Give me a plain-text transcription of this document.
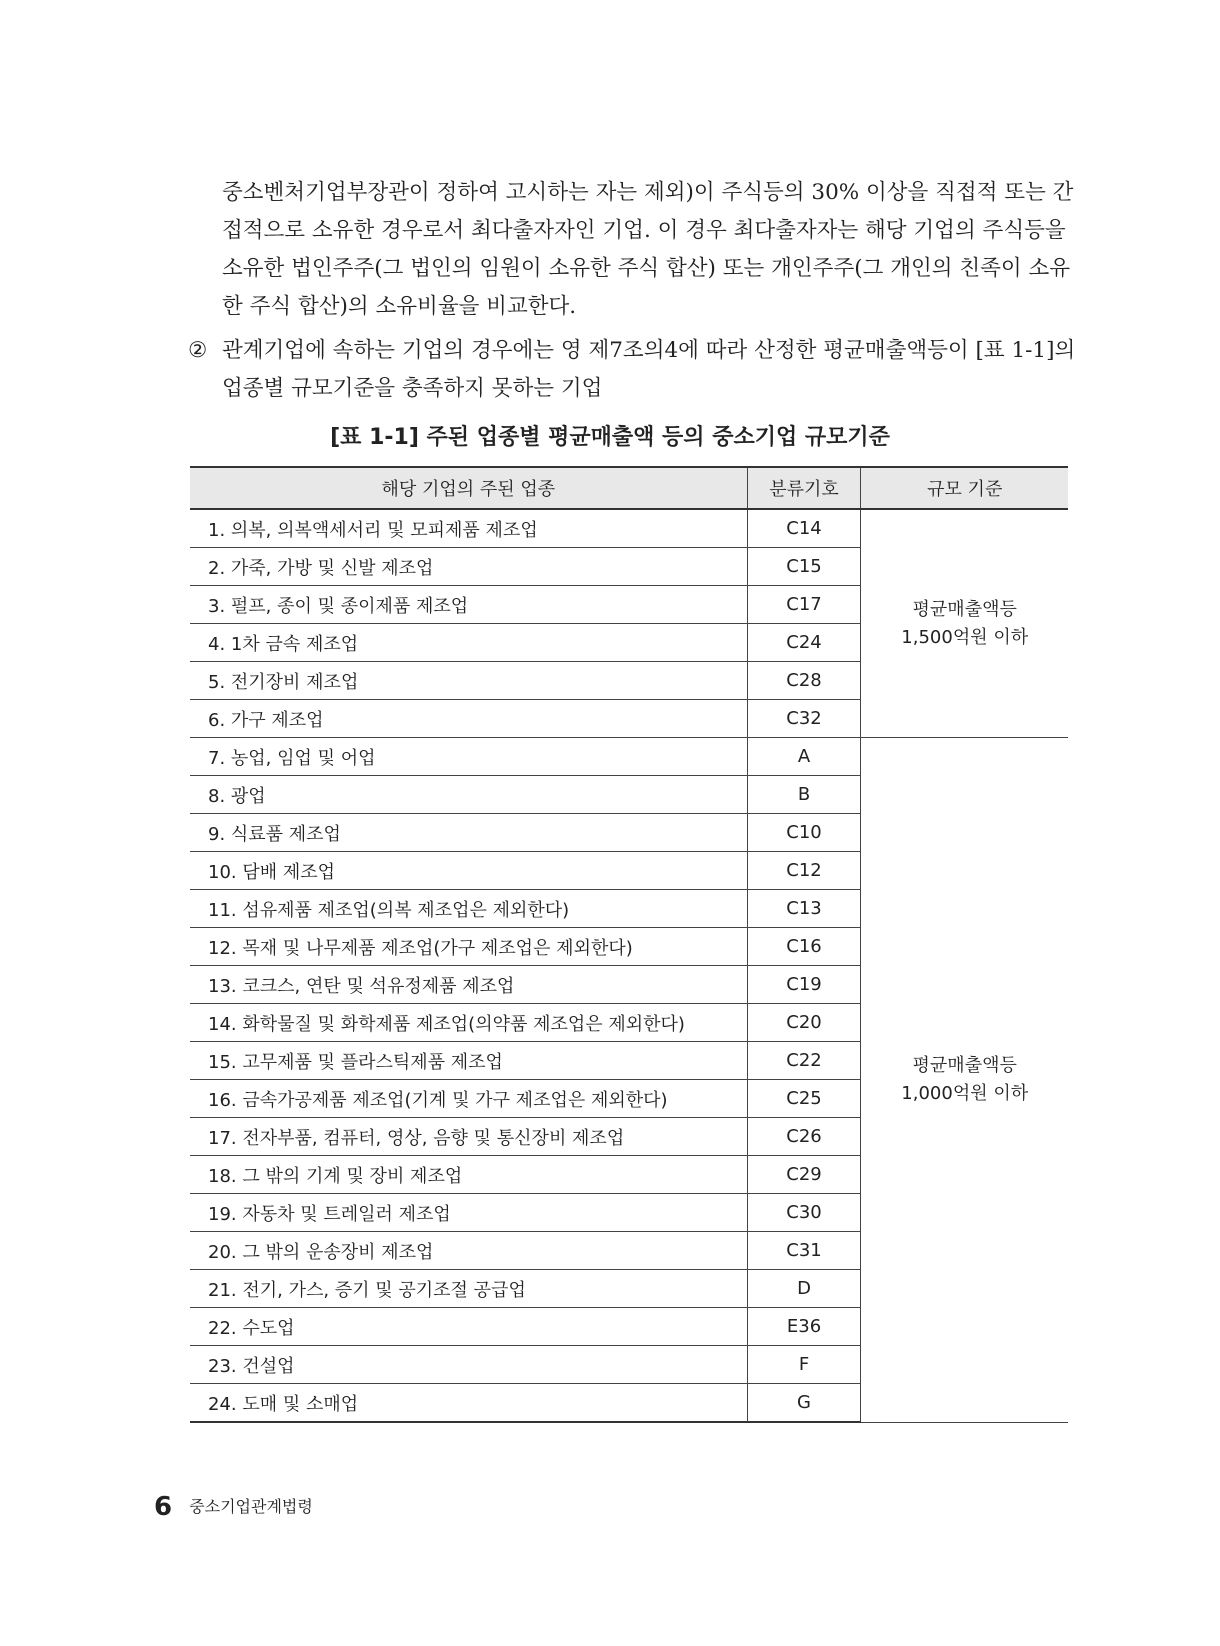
중소벤처기업부장관이 정하여 고시하는 자는 제외)이 주식등의 30% 이상을 직접적 또는 간
접적으로 소유한 경우로서 최다출자자인 기업. 이 경우 최다출자자는 해당 기업의 주식등을
소유한 법인주주(그 법인의 임원이 소유한 주식 합산) 또는 개인주주(그 개인의 친족이 소유
한 주식 합산)의 소유비율을 비교한다.
② 관계기업에 속하는 기업의 경우에는 영 제7조의4에 따라 산정한 평균매출액등이 [표 1-1]의
업종별 규모기준을 충족하지 못하는 기업
[표 1-1] 주된 업종별 평균매출액 등의 중소기업 규모기준
해당 기업의 주된 업종	분류기호	규모 기준
1. 의복, 의복액세서리 및 모피제품 제조업	C14	평균매출액등
1,500억원 이하

2. 가죽, 가방 및 신발 제조업	C15	
3. 펄프, 종이 및 종이제품 제조업	C17	
4. 1차 금속 제조업	C24	
5. 전기장비 제조업	C28	
6. 가구 제조업	C32	
7. 농업, 임업 및 어업	A	평균매출액등
1,000억원 이하

8. 광업	B	
9. 식료품 제조업	C10	
10. 담배 제조업	C12	
11. 섬유제품 제조업(의복 제조업은 제외한다)	C13	
12. 목재 및 나무제품 제조업(가구 제조업은 제외한다)	C16	
13. 코크스, 연탄 및 석유정제품 제조업	C19	
14. 화학물질 및 화학제품 제조업(의약품 제조업은 제외한다)	C20	
15. 고무제품 및 플라스틱제품 제조업	C22	
16. 금속가공제품 제조업(기계 및 가구 제조업은 제외한다)	C25	
17. 전자부품, 컴퓨터, 영상, 음향 및 통신장비 제조업	C26	
18. 그 밖의 기계 및 장비 제조업	C29	
19. 자동차 및 트레일러 제조업	C30	
20. 그 밖의 운송장비 제조업	C31	
21. 전기, 가스, 증기 및 공기조절 공급업	D	
22. 수도업	E36	
23. 건설업	F	
24. 도매 및 소매업	G	
6 중소기업관계법령
